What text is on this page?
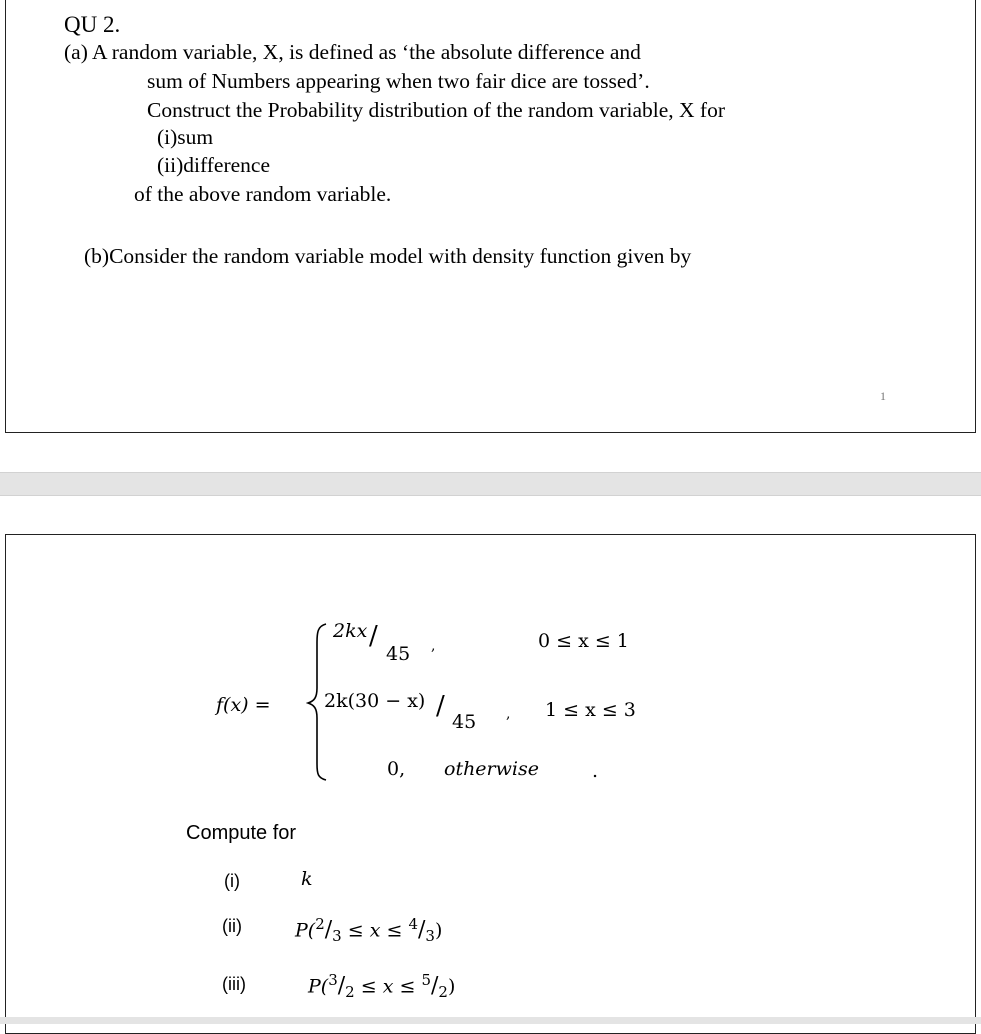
QU 2.
(a) A random variable, X, is defined as ‘the absolute difference and
sum of Numbers appearing when two fair dice are tossed’.
Construct the Probability distribution of the random variable, X for
(i)sum
(ii)difference
of the above random variable.
(b)Consider the random variable model with density function given by
1
f(x) =
2kx /
45 ,	0 ≤ x ≤ 1
2k(30 − x) /
45 , 1 ≤ x ≤ 3
0, otherwise	.
Compute for
(i)	k
(ii)	$P(^2/_3 \le x \le ^4/_3)$
(iii)	$P(^3/_2 \le x \le ^5/_2)$
